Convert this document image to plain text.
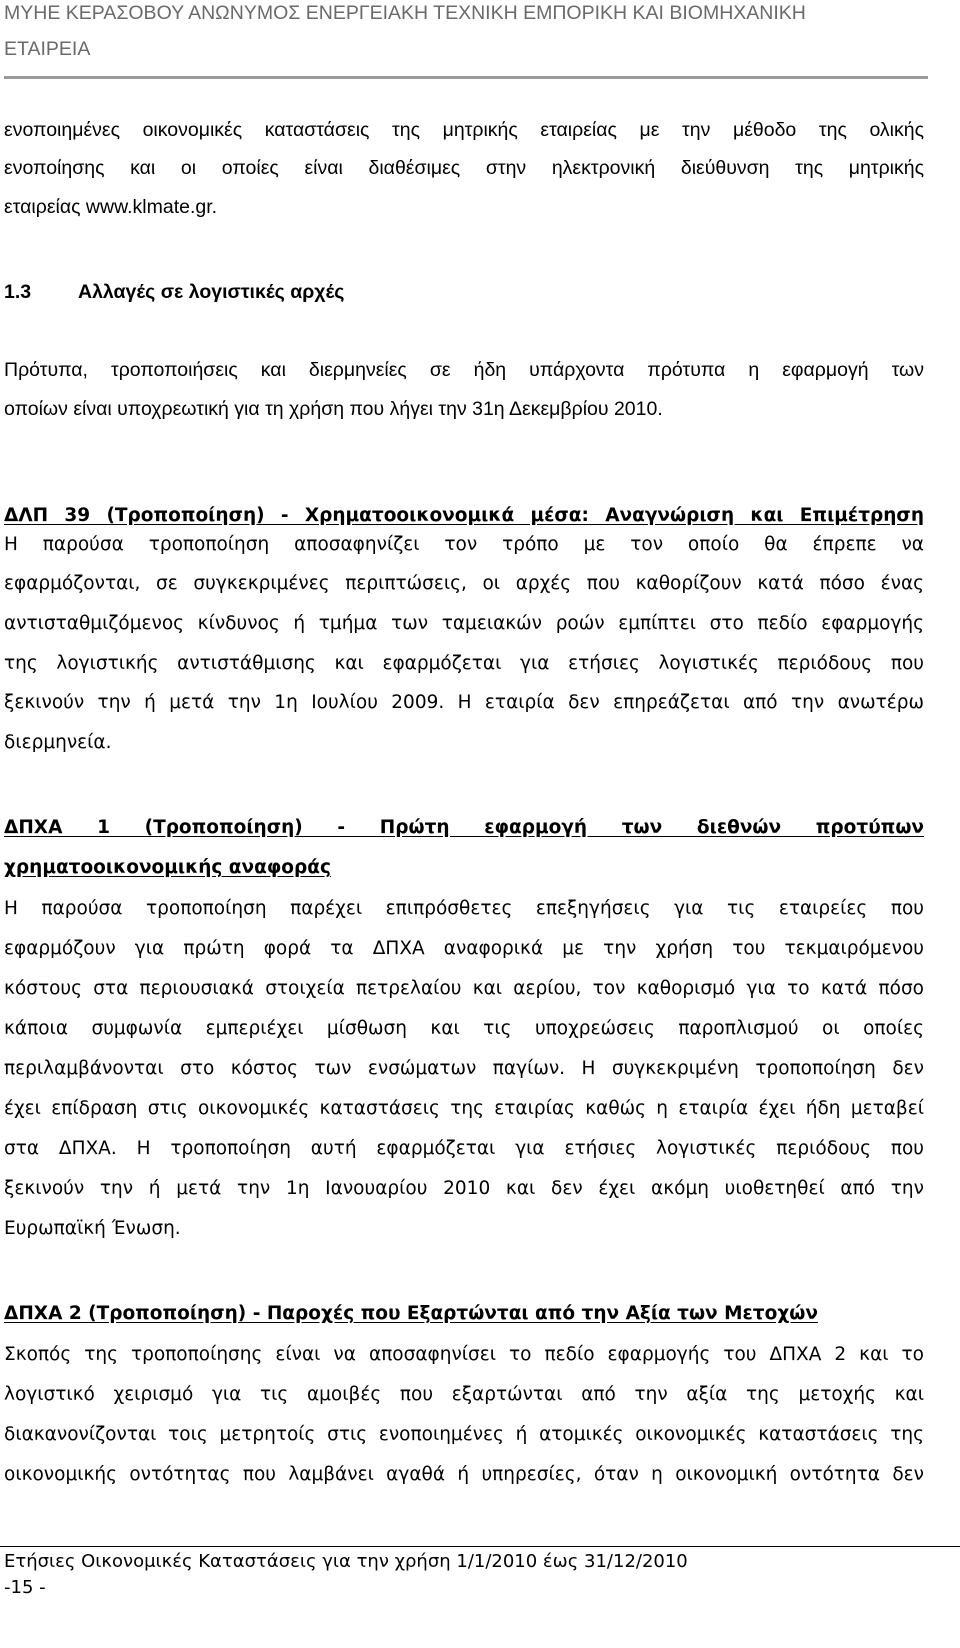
ΜΥΗΕ ΚΕΡΑΣΟΒΟΥ ΑΝΩΝΥΜΟΣ ΕΝΕΡΓΕΙΑΚΗ ΤΕΧΝΙΚΗ ΕΜΠΟΡΙΚΗ ΚΑΙ ΒΙΟΜΗΧΑΝΙΚΗ
ΕΤΑΙΡΕΙΑ
ενοποιημένες οικονομικές καταστάσεις της μητρικής εταιρείας με την μέθοδο της ολικής
ενοποίησης και οι οποίες είναι διαθέσιμες στην ηλεκτρονική διεύθυνση της μητρικής
εταιρείας www.klmate.gr.
1.3 Αλλαγές σε λογιστικές αρχές
Πρότυπα, τροποποιήσεις και διερμηνείες σε ήδη υπάρχοντα πρότυπα η εφαρμογή των
οποίων είναι υποχρεωτική για τη χρήση που λήγει την 31η Δεκεμβρίου 2010.
ΔΛΠ 39 (Τροποποίηση) - Χρηματοοικονομικά μέσα: Αναγνώριση και Επιμέτρηση
Η παρούσα τροποποίηση αποσαφηνίζει τον τρόπο με τον οποίο θα έπρεπε να
εφαρμόζονται, σε συγκεκριμένες περιπτώσεις, οι αρχές που καθορίζουν κατά πόσο ένας
αντισταθμιζόμενος κίνδυνος ή τμήμα των ταμειακών ροών εμπίπτει στο πεδίο εφαρμογής
της λογιστικής αντιστάθμισης και εφαρμόζεται για ετήσιες λογιστικές περιόδους που
ξεκινούν την ή μετά την 1η Ιουλίου 2009. Η εταιρία δεν επηρεάζεται από την ανωτέρω
διερμηνεία.
ΔΠΧΑ 1 (Τροποποίηση) - Πρώτη εφαρμογή των διεθνών προτύπων
χρηματοοικονομικής αναφοράς
Η παρούσα τροποποίηση παρέχει επιπρόσθετες επεξηγήσεις για τις εταιρείες που
εφαρμόζουν για πρώτη φορά τα ΔΠΧΑ αναφορικά με την χρήση του τεκμαιρόμενου
κόστους στα περιουσιακά στοιχεία πετρελαίου και αερίου, τον καθορισμό για το κατά πόσο
κάποια συμφωνία εμπεριέχει μίσθωση και τις υποχρεώσεις παροπλισμού οι οποίες
περιλαμβάνονται στο κόστος των ενσώματων παγίων. Η συγκεκριμένη τροποποίηση δεν
έχει επίδραση στις οικονομικές καταστάσεις της εταιρίας καθώς η εταιρία έχει ήδη μεταβεί
στα ΔΠΧΑ. Η τροποποίηση αυτή εφαρμόζεται για ετήσιες λογιστικές περιόδους που
ξεκινούν την ή μετά την 1η Ιανουαρίου 2010 και δεν έχει ακόμη υιοθετηθεί από την
Ευρωπαϊκή Ένωση.
ΔΠΧΑ 2 (Τροποποίηση) - Παροχές που Εξαρτώνται από την Αξία των Μετοχών
Σκοπός της τροποποίησης είναι να αποσαφηνίσει το πεδίο εφαρμογής του ΔΠΧΑ 2 και το
λογιστικό χειρισμό για τις αμοιβές που εξαρτώνται από την αξία της μετοχής και
διακανονίζονται τοις μετρητοίς στις ενοποιημένες ή ατομικές οικονομικές καταστάσεις της
οικονομικής οντότητας που λαμβάνει αγαθά ή υπηρεσίες, όταν η οικονομική οντότητα δεν
Ετήσιες Οικονομικές Καταστάσεις για την χρήση 1/1/2010 έως 31/12/2010
-15 -
